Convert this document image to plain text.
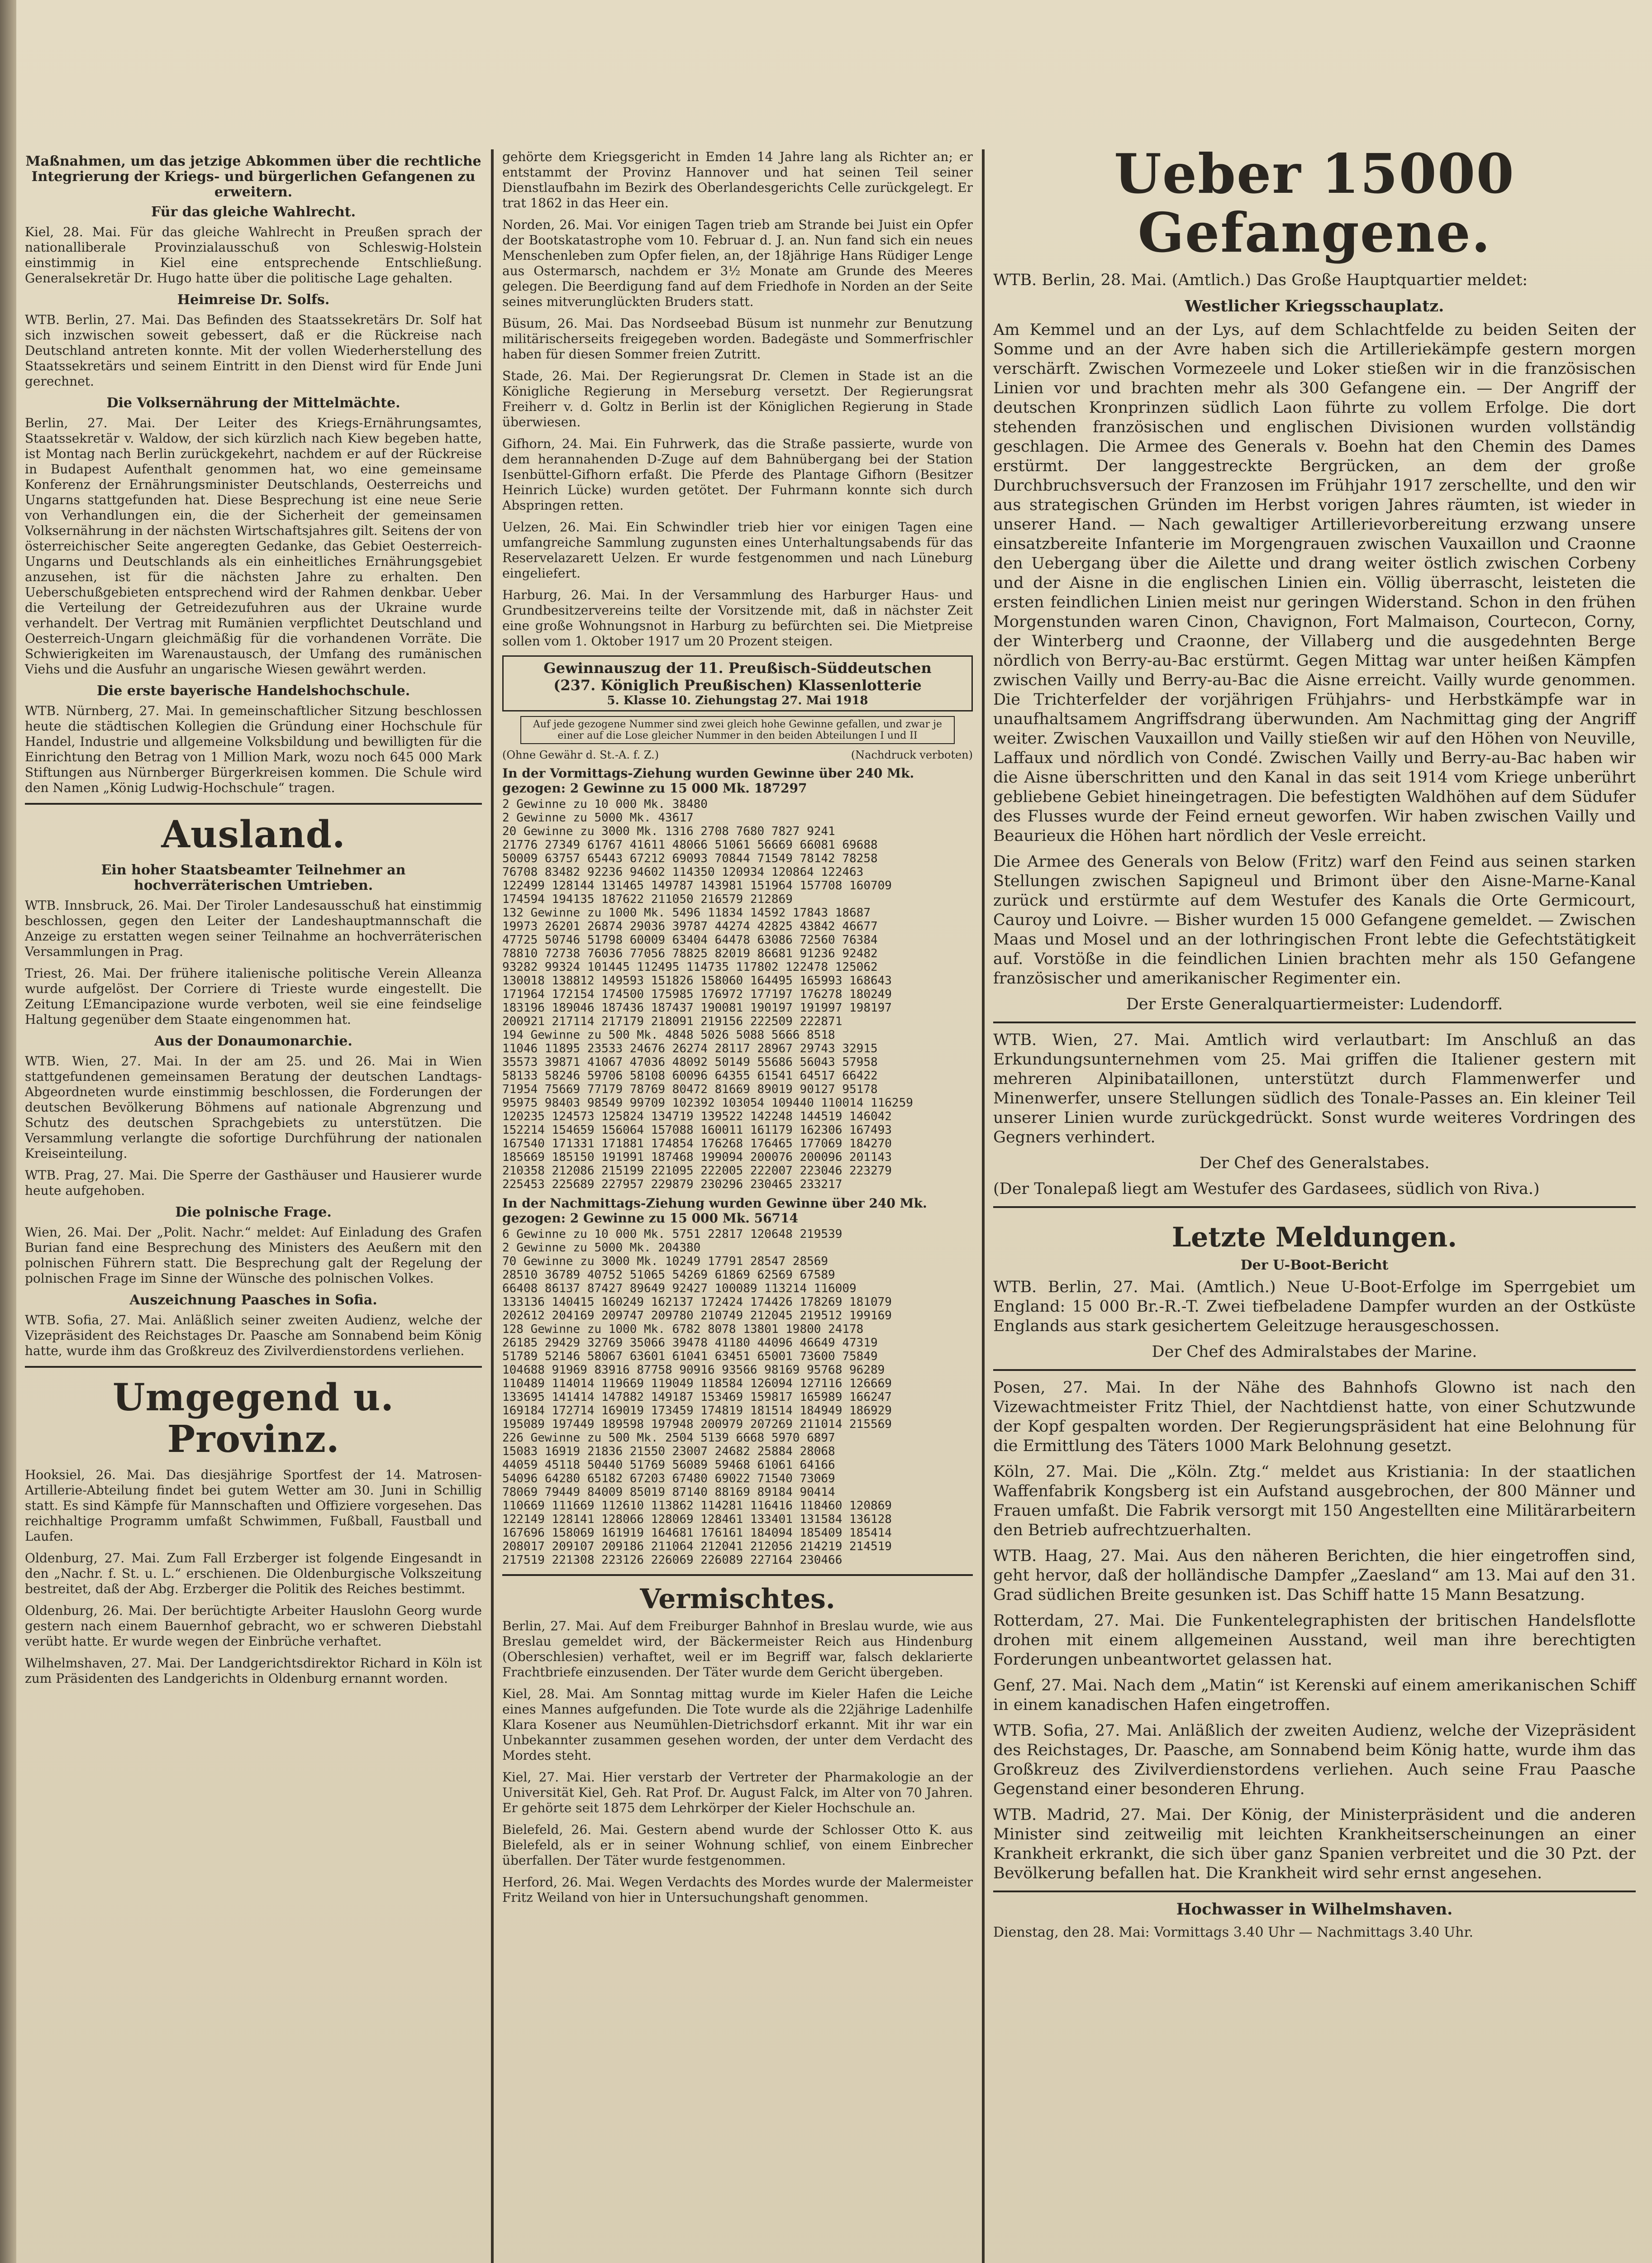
Maßnahmen, um das jetzige Abkommen über die rechtliche Integrierung der Kriegs- und bürgerlichen Gefangenen zu erweitern.

Für das gleiche Wahlrecht.

Kiel, 28. Mai. Für das gleiche Wahlrecht in Preußen sprach der nationalliberale Provinzialausschuß von Schleswig-Holstein einstimmig in Kiel eine entsprechende Entschließung. Generalsekretär Dr. Hugo hatte über die politische Lage gehalten.

Heimreise Dr. Solfs.

WTB. Berlin, 27. Mai. Das Befinden des Staatssekretärs Dr. Solf hat sich inzwischen soweit gebessert, daß er die Rückreise nach Deutschland antreten konnte. Mit der vollen Wiederherstellung des Staatssekretärs und seinem Eintritt in den Dienst wird für Ende Juni gerechnet.

Die Volksernährung der Mittelmächte.

Berlin, 27. Mai. Der Leiter des Kriegs-Ernährungsamtes, Staatssekretär v. Waldow, der sich kürzlich nach Kiew begeben hatte, ist Montag nach Berlin zurückgekehrt, nachdem er auf der Rückreise in Budapest Aufenthalt genommen hat, wo eine gemeinsame Konferenz der Ernährungsminister Deutschlands, Oesterreichs und Ungarns stattgefunden hat. Diese Besprechung ist eine neue Serie von Verhandlungen ein, die der Sicherheit der gemeinsamen Volksernährung in der nächsten Wirtschaftsjahres gilt. Seitens der von österreichischer Seite angeregten Gedanke, das Gebiet Oesterreich-Ungarns und Deutschlands als ein einheitliches Ernährungsgebiet anzusehen, ist für die nächsten Jahre zu erhalten. Den Ueberschußgebieten entsprechend wird der Rahmen denkbar. Ueber die Verteilung der Getreidezufuhren aus der Ukraine wurde verhandelt. Der Vertrag mit Rumänien verpflichtet Deutschland und Oesterreich-Ungarn gleichmäßig für die vorhandenen Vorräte. Die Schwierigkeiten im Warenaustausch, der Umfang des rumänischen Viehs und die Ausfuhr an ungarische Wiesen gewährt werden.

Die erste bayerische Handelshochschule.

WTB. Nürnberg, 27. Mai. In gemeinschaftlicher Sitzung beschlossen heute die städtischen Kollegien die Gründung einer Hochschule für Handel, Industrie und allgemeine Volksbildung und bewilligten für die Einrichtung den Betrag von 1 Million Mark, wozu noch 645 000 Mark Stiftungen aus Nürnberger Bürgerkreisen kommen. Die Schule wird den Namen „König Ludwig-Hochschule“ tragen.

Ausland.

Ein hoher Staatsbeamter Teilnehmer an hochverräterischen Umtrieben.

WTB. Innsbruck, 26. Mai. Der Tiroler Landesausschuß hat einstimmig beschlossen, gegen den Leiter der Landeshauptmannschaft die Anzeige zu erstatten wegen seiner Teilnahme an hochverräterischen Versammlungen in Prag.

Triest, 26. Mai. Der frühere italienische politische Verein Alleanza wurde aufgelöst. Der Corriere di Trieste wurde eingestellt. Die Zeitung L’Emancipazione wurde verboten, weil sie eine feindselige Haltung gegenüber dem Staate eingenommen hat.

Aus der Donaumonarchie.

WTB. Wien, 27. Mai. In der am 25. und 26. Mai in Wien stattgefundenen gemeinsamen Beratung der deutschen Landtags-Abgeordneten wurde einstimmig beschlossen, die Forderungen der deutschen Bevölkerung Böhmens auf nationale Abgrenzung und Schutz des deutschen Sprachgebiets zu unterstützen. Die Versammlung verlangte die sofortige Durchführung der nationalen Kreiseinteilung.

WTB. Prag, 27. Mai. Die Sperre der Gasthäuser und Hausierer wurde heute aufgehoben.

Die polnische Frage.

Wien, 26. Mai. Der „Polit. Nachr.“ meldet: Auf Einladung des Grafen Burian fand eine Besprechung des Ministers des Aeußern mit den polnischen Führern statt. Die Besprechung galt der Regelung der polnischen Frage im Sinne der Wünsche des polnischen Volkes.

Auszeichnung Paasches in Sofia.

WTB. Sofia, 27. Mai. Anläßlich seiner zweiten Audienz, welche der Vizepräsident des Reichstages Dr. Paasche am Sonnabend beim König hatte, wurde ihm das Großkreuz des Zivilverdienstordens verliehen.

Umgegend u. Provinz.

Hooksiel, 26. Mai. Das diesjährige Sportfest der 14. Matrosen-Artillerie-Abteilung findet bei gutem Wetter am 30. Juni in Schillig statt. Es sind Kämpfe für Mannschaften und Offiziere vorgesehen. Das reichhaltige Programm umfaßt Schwimmen, Fußball, Faustball und Laufen.

Oldenburg, 27. Mai. Zum Fall Erzberger ist folgende Eingesandt in den „Nachr. f. St. u. L.“ erschienen. Die Oldenburgische Volkszeitung bestreitet, daß der Abg. Erzberger die Politik des Reiches bestimmt.

Oldenburg, 26. Mai. Der berüchtigte Arbeiter Hauslohn Georg wurde gestern nach einem Bauernhof gebracht, wo er schweren Diebstahl verübt hatte. Er wurde wegen der Einbrüche verhaftet.

Wilhelmshaven, 27. Mai. Der Landgerichtsdirektor Richard in Köln ist zum Präsidenten des Landgerichts in Oldenburg ernannt worden.

gehörte dem Kriegsgericht in Emden 14 Jahre lang als Richter an; er entstammt der Provinz Hannover und hat seinen Teil seiner Dienstlaufbahn im Bezirk des Oberlandesgerichts Celle zurückgelegt. Er trat 1862 in das Heer ein.

Norden, 26. Mai. Vor einigen Tagen trieb am Strande bei Juist ein Opfer der Bootskatastrophe vom 10. Februar d. J. an. Nun fand sich ein neues Menschenleben zum Opfer fielen, an, der 18jährige Hans Rüdiger Lenge aus Ostermarsch, nachdem er 3½ Monate am Grunde des Meeres gelegen. Die Beerdigung fand auf dem Friedhofe in Norden an der Seite seines mitverunglückten Bruders statt.

Büsum, 26. Mai. Das Nordseebad Büsum ist nunmehr zur Benutzung militärischerseits freigegeben worden. Badegäste und Sommerfrischler haben für diesen Sommer freien Zutritt.

Stade, 26. Mai. Der Regierungsrat Dr. Clemen in Stade ist an die Königliche Regierung in Merseburg versetzt. Der Regierungsrat Freiherr v. d. Goltz in Berlin ist der Königlichen Regierung in Stade überwiesen.

Gifhorn, 24. Mai. Ein Fuhrwerk, das die Straße passierte, wurde von dem herannahenden D-Zuge auf dem Bahnübergang bei der Station Isenbüttel-Gifhorn erfaßt. Die Pferde des Plantage Gifhorn (Besitzer Heinrich Lücke) wurden getötet. Der Fuhrmann konnte sich durch Abspringen retten.

Uelzen, 26. Mai. Ein Schwindler trieb hier vor einigen Tagen eine umfangreiche Sammlung zugunsten eines Unterhaltungsabends für das Reservelazarett Uelzen. Er wurde festgenommen und nach Lüneburg eingeliefert.

Harburg, 26. Mai. In der Versammlung des Harburger Haus- und Grundbesitzervereins teilte der Vorsitzende mit, daß in nächster Zeit eine große Wohnungsnot in Harburg zu befürchten sei. Die Mietpreise sollen vom 1. Oktober 1917 um 20 Prozent steigen.

Gewinnauszug der 11. Preußisch-Süddeutschen
(237. Königlich Preußischen) Klassenlotterie
5. Klasse 10. Ziehungstag 27. Mai 1918
Auf jede gezogene Nummer sind zwei gleich hohe Gewinne gefallen, und zwar je einer auf die Lose gleicher Nummer in den beiden Abteilungen I und II
(Ohne Gewähr d. St.-A. f. Z.)	(Nachdruck verboten)
In der Vormittags-Ziehung wurden Gewinne über 240 Mk. gezogen: 2 Gewinne zu 15 000 Mk. 187297
2 Gewinne zu 10 000 Mk. 38480
2 Gewinne zu 5000 Mk. 43617
20 Gewinne zu 3000 Mk. 1316 2708 7680 7827 9241
21776 27349 61767 41611 48066 51061 56669 66081 69688
50009 63757 65443 67212 69093 70844 71549 78142 78258
76708 83482 92236 94602 114350 120934 120864 122463
122499 128144 131465 149787 143981 151964 157708 160709
174594 194135 187622 211050 216579 212869
132 Gewinne zu 1000 Mk. 5496 11834 14592 17843 18687
19973 26201 26874 29036 39787 44274 42825 43842 46677
47725 50746 51798 60009 63404 64478 63086 72560 76384
78810 72738 76036 77056 78825 82019 86681 91236 92482
93282 99324 101445 112495 114735 117802 122478 125062
130018 138812 149593 151826 158060 164495 165993 168643
171964 172154 174500 175985 176972 177197 176278 180249
183196 189046 187436 187437 190081 190197 191997 198197
200921 217114 217179 218091 219156 222509 222871
194 Gewinne zu 500 Mk. 4848 5026 5088 5666 8518
11046 11895 23533 24676 26274 28117 28967 29743 32915
35573 39871 41067 47036 48092 50149 55686 56043 57958
58133 58246 59706 58108 60096 64355 61541 64517 66422
71954 75669 77179 78769 80472 81669 89019 90127 95178
95975 98403 98549 99709 102392 103054 109440 110014 116259
120235 124573 125824 134719 139522 142248 144519 146042
152214 154659 156064 157088 160011 161179 162306 167493
167540 171331 171881 174854 176268 176465 177069 184270
185669 185150 191991 187468 199094 200076 200096 201143
210358 212086 215199 221095 222005 222007 223046 223279
225453 225689 227957 229879 230296 230465 233217
In der Nachmittags-Ziehung wurden Gewinne über 240 Mk. gezogen: 2 Gewinne zu 15 000 Mk. 56714
6 Gewinne zu 10 000 Mk. 5751 22817 120648 219539
2 Gewinne zu 5000 Mk. 204380
70 Gewinne zu 3000 Mk. 10249 17791 28547 28569
28510 36789 40752 51065 54269 61869 62569 67589
66408 86137 87427 89649 92427 100089 113214 116009
133136 140415 160249 162137 172424 174426 178269 181079
202612 204169 209747 209780 210749 212045 219512 199169
128 Gewinne zu 1000 Mk. 6782 8078 13801 19800 24178
26185 29429 32769 35066 39478 41180 44096 46649 47319
51789 52146 58067 63601 61041 63451 65001 73600 75849
104688 91969 83916 87758 90916 93566 98169 95768 96289
110489 114014 119669 119049 118584 126094 127116 126669
133695 141414 147882 149187 153469 159817 165989 166247
169184 172714 169019 173459 174819 181514 184949 186929
195089 197449 189598 197948 200979 207269 211014 215569
226 Gewinne zu 500 Mk. 2504 5139 6668 5970 6897
15083 16919 21836 21550 23007 24682 25884 28068
44059 45118 50440 51769 56089 59468 61061 64166
54096 64280 65182 67203 67480 69022 71540 73069
78069 79449 84009 85019 87140 88169 89184 90414
110669 111669 112610 113862 114281 116416 118460 120869
122149 128141 128066 128069 128461 133401 131584 136128
167696 158069 161919 164681 176161 184094 185409 185414
208017 209107 209186 211064 212041 212056 214219 214519
217519 221308 223126 226069 226089 227164 230466
Vermischtes.

Berlin, 27. Mai. Auf dem Freiburger Bahnhof in Breslau wurde, wie aus Breslau gemeldet wird, der Bäckermeister Reich aus Hindenburg (Oberschlesien) verhaftet, weil er im Begriff war, falsch deklarierte Frachtbriefe einzusenden. Der Täter wurde dem Gericht übergeben.

Kiel, 28. Mai. Am Sonntag mittag wurde im Kieler Hafen die Leiche eines Mannes aufgefunden. Die Tote wurde als die 22jährige Ladenhilfe Klara Kosener aus Neumühlen-Dietrichsdorf erkannt. Mit ihr war ein Unbekannter zusammen gesehen worden, der unter dem Verdacht des Mordes steht.

Kiel, 27. Mai. Hier verstarb der Vertreter der Pharmakologie an der Universität Kiel, Geh. Rat Prof. Dr. August Falck, im Alter von 70 Jahren. Er gehörte seit 1875 dem Lehrkörper der Kieler Hochschule an.

Bielefeld, 26. Mai. Gestern abend wurde der Schlosser Otto K. aus Bielefeld, als er in seiner Wohnung schlief, von einem Einbrecher überfallen. Der Täter wurde festgenommen.

Herford, 26. Mai. Wegen Verdachts des Mordes wurde der Malermeister Fritz Weiland von hier in Untersuchungshaft genommen.

Ueber 15000 Gefangene.

WTB. Berlin, 28. Mai. (Amtlich.) Das Große Hauptquartier meldet:

Westlicher Kriegsschauplatz.

Am Kemmel und an der Lys, auf dem Schlachtfelde zu beiden Seiten der Somme und an der Avre haben sich die Artilleriekämpfe gestern morgen verschärft. Zwischen Vormezeele und Loker stießen wir in die französischen Linien vor und brachten mehr als 300 Gefangene ein. — Der Angriff der deutschen Kronprinzen südlich Laon führte zu vollem Erfolge. Die dort stehenden französischen und englischen Divisionen wurden vollständig geschlagen. Die Armee des Generals v. Boehn hat den Chemin des Dames erstürmt. Der langgestreckte Bergrücken, an dem der große Durchbruchsversuch der Franzosen im Frühjahr 1917 zerschellte, und den wir aus strategischen Gründen im Herbst vorigen Jahres räumten, ist wieder in unserer Hand. — Nach gewaltiger Artillerievorbereitung erzwang unsere einsatzbereite Infanterie im Morgengrauen zwischen Vauxaillon und Craonne den Uebergang über die Ailette und drang weiter östlich zwischen Corbeny und der Aisne in die englischen Linien ein. Völlig überrascht, leisteten die ersten feindlichen Linien meist nur geringen Widerstand. Schon in den frühen Morgenstunden waren Cinon, Chavignon, Fort Malmaison, Courtecon, Corny, der Winterberg und Craonne, der Villaberg und die ausgedehnten Berge nördlich von Berry-au-Bac erstürmt. Gegen Mittag war unter heißen Kämpfen zwischen Vailly und Berry-au-Bac die Aisne erreicht. Vailly wurde genommen. Die Trichterfelder der vorjährigen Frühjahrs- und Herbstkämpfe war in unaufhaltsamem Angriffsdrang überwunden. Am Nachmittag ging der Angriff weiter. Zwischen Vauxaillon und Vailly stießen wir auf den Höhen von Neuville, Laffaux und nördlich von Condé. Zwischen Vailly und Berry-au-Bac haben wir die Aisne überschritten und den Kanal in das seit 1914 vom Kriege unberührt gebliebene Gebiet hineingetragen. Die befestigten Waldhöhen auf dem Südufer des Flusses wurde der Feind erneut geworfen. Wir haben zwischen Vailly und Beaurieux die Höhen hart nördlich der Vesle erreicht.

Die Armee des Generals von Below (Fritz) warf den Feind aus seinen starken Stellungen zwischen Sapigneul und Brimont über den Aisne-Marne-Kanal zurück und erstürmte auf dem Westufer des Kanals die Orte Germicourt, Cauroy und Loivre. — Bisher wurden 15 000 Gefangene gemeldet. — Zwischen Maas und Mosel und an der lothringischen Front lebte die Gefechtstätigkeit auf. Vorstöße in die feindlichen Linien brachten mehr als 150 Gefangene französischer und amerikanischer Regimenter ein.

Der Erste Generalquartiermeister: Ludendorff.

WTB. Wien, 27. Mai. Amtlich wird verlautbart: Im Anschluß an das Erkundungsunternehmen vom 25. Mai griffen die Italiener gestern mit mehreren Alpinibataillonen, unterstützt durch Flammenwerfer und Minenwerfer, unsere Stellungen südlich des Tonale-Passes an. Ein kleiner Teil unserer Linien wurde zurückgedrückt. Sonst wurde weiteres Vordringen des Gegners verhindert.

Der Chef des Generalstabes.

(Der Tonalepaß liegt am Westufer des Gardasees, südlich von Riva.)

Letzte Meldungen.

Der U-Boot-Bericht

WTB. Berlin, 27. Mai. (Amtlich.) Neue U-Boot-Erfolge im Sperrgebiet um England: 15 000 Br.-R.-T. Zwei tiefbeladene Dampfer wurden an der Ostküste Englands aus stark gesichertem Geleitzuge herausgeschossen.

Der Chef des Admiralstabes der Marine.

Posen, 27. Mai. In der Nähe des Bahnhofs Glowno ist nach den Vizewachtmeister Fritz Thiel, der Nachtdienst hatte, von einer Schutzwunde der Kopf gespalten worden. Der Regierungspräsident hat eine Belohnung für die Ermittlung des Täters 1000 Mark Belohnung gesetzt.

Köln, 27. Mai. Die „Köln. Ztg.“ meldet aus Kristiania: In der staatlichen Waffenfabrik Kongsberg ist ein Aufstand ausgebrochen, der 800 Männer und Frauen umfaßt. Die Fabrik versorgt mit 150 Angestellten eine Militärarbeitern den Betrieb aufrechtzuerhalten.

WTB. Haag, 27. Mai. Aus den näheren Berichten, die hier eingetroffen sind, geht hervor, daß der holländische Dampfer „Zaesland“ am 13. Mai auf den 31. Grad südlichen Breite gesunken ist. Das Schiff hatte 15 Mann Besatzung.

Rotterdam, 27. Mai. Die Funkentelegraphisten der britischen Handelsflotte drohen mit einem allgemeinen Ausstand, weil man ihre berechtigten Forderungen unbeantwortet gelassen hat.

Genf, 27. Mai. Nach dem „Matin“ ist Kerenski auf einem amerikanischen Schiff in einem kanadischen Hafen eingetroffen.

WTB. Sofia, 27. Mai. Anläßlich der zweiten Audienz, welche der Vizepräsident des Reichstages, Dr. Paasche, am Sonnabend beim König hatte, wurde ihm das Großkreuz des Zivilverdienstordens verliehen. Auch seine Frau Paasche Gegenstand einer besonderen Ehrung.

WTB. Madrid, 27. Mai. Der König, der Ministerpräsident und die anderen Minister sind zeitweilig mit leichten Krankheitserscheinungen an einer Krankheit erkrankt, die sich über ganz Spanien verbreitet und die 30 Pzt. der Bevölkerung befallen hat. Die Krankheit wird sehr ernst angesehen.

Hochwasser in Wilhelmshaven.

Dienstag, den 28. Mai: Vormittags 3.40 Uhr — Nachmittags 3.40 Uhr.
